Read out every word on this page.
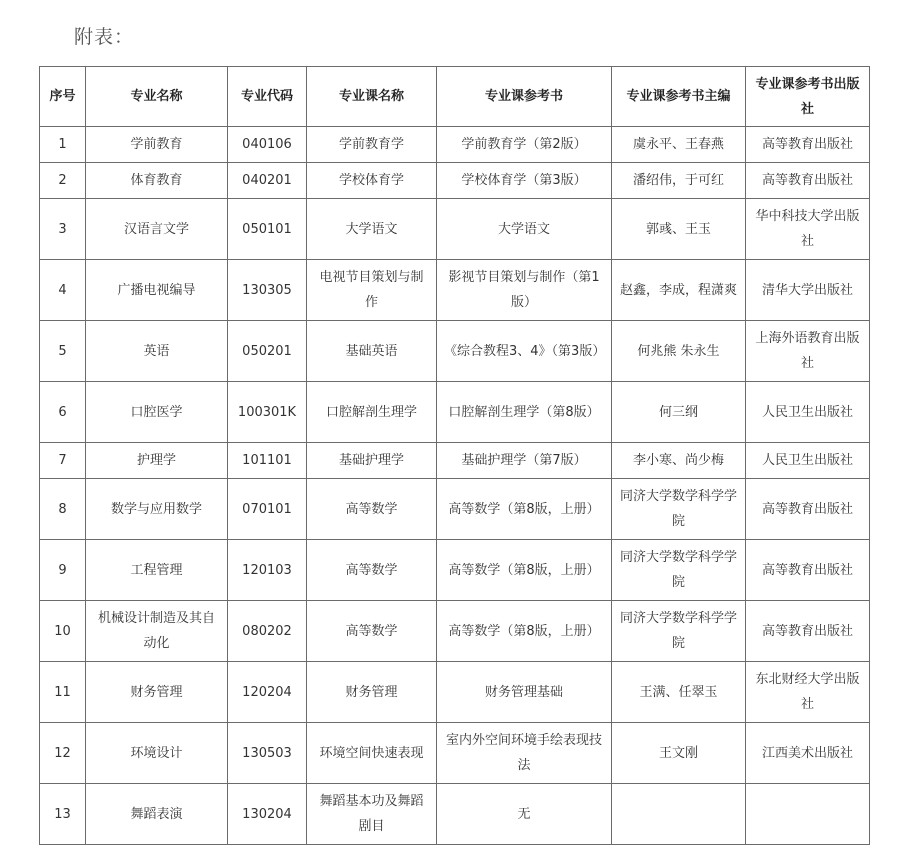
附表：
序号	专业名称	专业代码	专业课名称	专业课参考书	专业课参考书主编	专业课参考书出版社
1	学前教育	040106	学前教育学	学前教育学（第2版）	虞永平、王春燕	高等教育出版社
2	体育教育	040201	学校体育学	学校体育学（第3版）	潘绍伟，于可红	高等教育出版社
3	汉语言文学	050101	大学语文	大学语文	郭彧、王玉	华中科技大学出版社
4	广播电视编导	130305	电视节目策划与制作	影视节目策划与制作（第1版）	赵鑫，李成，程潇爽	清华大学出版社
5	英语	050201	基础英语	《综合教程3、4》（第3版）	何兆熊 朱永生	上海外语教育出版社
6	口腔医学	100301K	口腔解剖生理学	口腔解剖生理学（第8版）	何三纲	人民卫生出版社
7	护理学	101101	基础护理学	基础护理学（第7版）	李小寒、尚少梅	人民卫生出版社
8	数学与应用数学	070101	高等数学	高等数学（第8版，上册）	同济大学数学科学学院	高等教育出版社
9	工程管理	120103	高等数学	高等数学（第8版，上册）	同济大学数学科学学院	高等教育出版社
10	机械设计制造及其自动化	080202	高等数学	高等数学（第8版，上册）	同济大学数学科学学院	高等教育出版社
11	财务管理	120204	财务管理	财务管理基础	王满、任翠玉	东北财经大学出版社
12	环境设计	130503	环境空间快速表现	室内外空间环境手绘表现技法	王文刚	江西美术出版社
13	舞蹈表演	130204	舞蹈基本功及舞蹈剧目	无		
